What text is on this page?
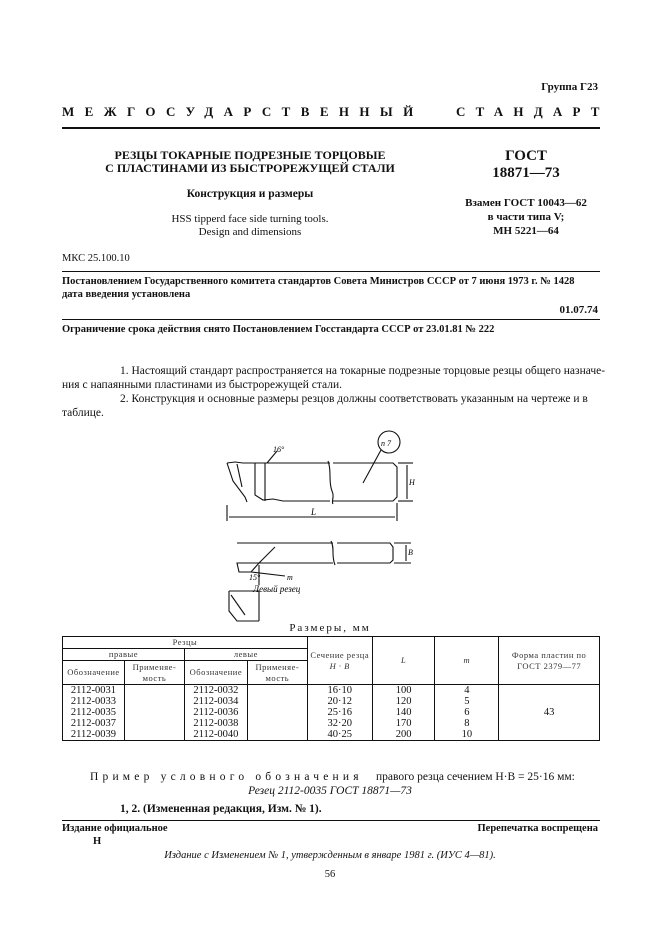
Группа Г23
МЕЖГОСУДАРСТВЕННЫЙ СТАНДАРТ
РЕЗЦЫ ТОКАРНЫЕ ПОДРЕЗНЫЕ ТОРЦОВЫЕ
С ПЛАСТИНАМИ ИЗ БЫСТРОРЕЖУЩЕЙ СТАЛИ
Конструкция и размеры
HSS tipperd face side turning tools.
Design and dimensions
ГОСТ
18871—73
Взамен ГОСТ 10043—62
в части типа V;
МН 5221—64
МКС 25.100.10
Постановлением Государственного комитета стандартов Совета Министров СССР от 7 июня 1973 г. № 1428
дата введения установлена
01.07.74
Ограничение срока действия снято Постановлением Госстандарта СССР от 23.01.81 № 222
1. Настоящий стандарт распространяется на токарные подрезные торцовые резцы общего назначе-
ния с напаянными пластинами из быстрорежущей стали.
2. Конструкция и основные размеры резцов должны соответствовать указанным на чертеже и в
таблице.
16°
п 7
H
L
B
m
15°
Левый резец
Размеры, мм
Резцы				Сечение резца
H · B	L	m	Форма пластин по ГОСТ 2379—77
правые		левые					
Обозначение	Применяе-мость	Обозначение	Применяе-мость				
2112-0031		2112-0032		16·10	100	4	43
2112-0033		2112-0034		20·12	120	5	
2112-0035		2112-0036		25·16	140	6	
2112-0037		2112-0038		32·20	170	8	
2112-0039		2112-0040		40·25	200	10	
Пример условного обозначения правого резца сечением H·B = 25·16 мм:
Резец 2112-0035 ГОСТ 18871—73
1, 2. (Измененная редакция, Изм. № 1).
Издание официальное
Н
Перепечатка воспрещена
Издание с Изменением № 1, утвержденным в январе 1981 г. (ИУС 4—81).
56
